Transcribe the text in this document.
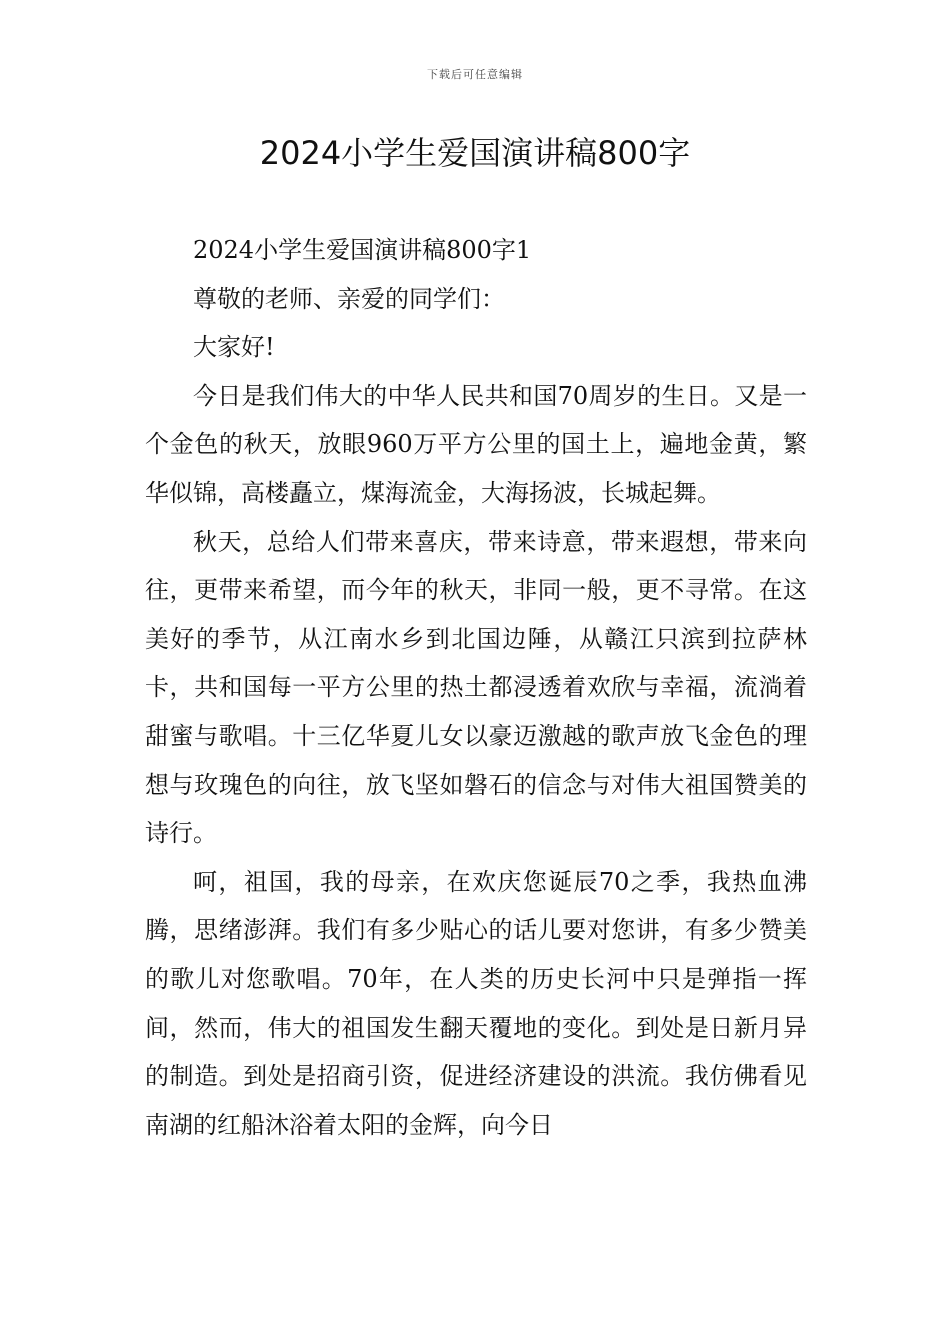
下载后可任意编辑
2024小学生爱国演讲稿800字

2024小学生爱国演讲稿800字1

尊敬的老师、亲爱的同学们：

大家好!

今日是我们伟大的中华人民共和国70周岁的生日。又是一个金色的秋天，放眼960万平方公里的国土上，遍地金黄，繁华似锦，高楼矗立，煤海流金，大海扬波，长城起舞。

秋天，总给人们带来喜庆，带来诗意，带来遐想，带来向往，更带来希望，而今年的秋天，非同一般，更不寻常。在这美好的季节，从江南水乡到北国边陲，从赣江只滨到拉萨林卡，共和国每一平方公里的热土都浸透着欢欣与幸福，流淌着甜蜜与歌唱。十三亿华夏儿女以豪迈激越的歌声放飞金色的理想与玫瑰色的向往，放飞坚如磐石的信念与对伟大祖国赞美的诗行。

呵，祖国，我的母亲，在欢庆您诞辰70之季，我热血沸腾，思绪澎湃。我们有多少贴心的话儿要对您讲，有多少赞美的歌儿对您歌唱。70年，在人类的历史长河中只是弹指一挥间，然而，伟大的祖国发生翻天覆地的变化。到处是日新月异的制造。到处是招商引资，促进经济建设的洪流。我仿佛看见南湖的红船沐浴着太阳的金辉，向今日
